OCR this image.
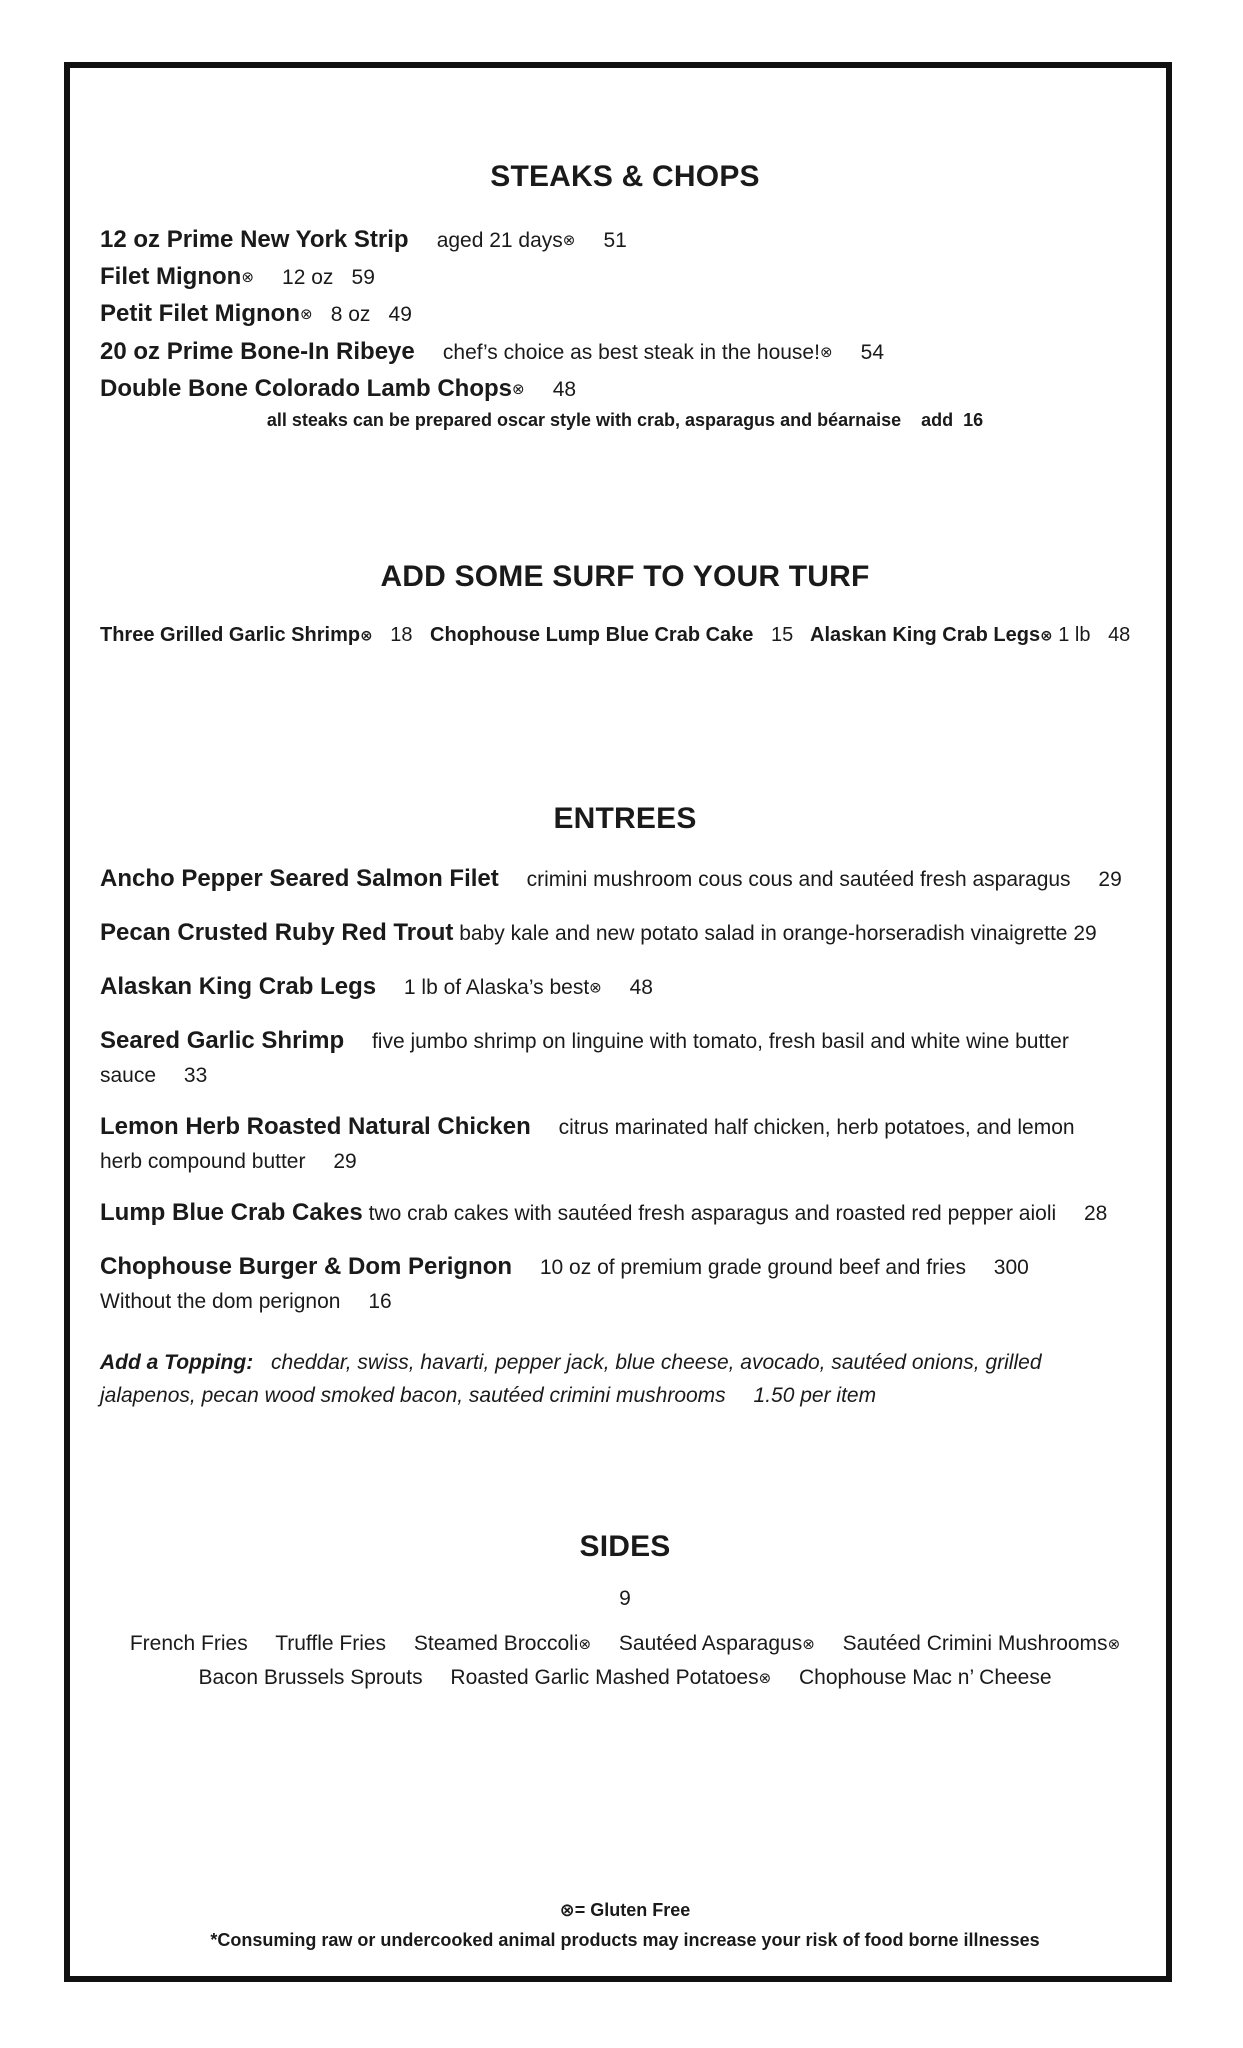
STEAKS & CHOPS
12 oz Prime New York Strip aged 21 days⊗ 51
Filet Mignon⊗ 12 oz 59
Petit Filet Mignon⊗ 8 oz 49
20 oz Prime Bone-In Ribeye chef’s choice as best steak in the house!⊗ 54
Double Bone Colorado Lamb Chops⊗ 48
all steaks can be prepared oscar style with crab, asparagus and béarnaise    add  16
ADD SOME SURF TO YOUR TURF
Three Grilled Garlic Shrimp⊗ 18 Chophouse Lump Blue Crab Cake 15 Alaskan King Crab Legs⊗ 1 lb 48
ENTREES
Ancho Pepper Seared Salmon Filet crimini mushroom cous cous and sautéed fresh asparagus 29
Pecan Crusted Ruby Red Trout baby kale and new potato salad in orange-horseradish vinaigrette 29
Alaskan King Crab Legs 1 lb of Alaska’s best⊗ 48
Seared Garlic Shrimp five jumbo shrimp on linguine with tomato, fresh basil and white wine butter
sauce 33
Lemon Herb Roasted Natural Chicken citrus marinated half chicken, herb potatoes, and lemon
herb compound butter 29
Lump Blue Crab Cakes two crab cakes with sautéed fresh asparagus and roasted red pepper aioli 28
Chophouse Burger & Dom Perignon 10 oz of premium grade ground beef and fries 300
Without the dom perignon 16
Add a Topping: cheddar, swiss, havarti, pepper jack, blue cheese, avocado, sautéed onions, grilled
jalapenos, pecan wood smoked bacon, sautéed crimini mushrooms 1.50 per item
SIDES
9
French Fries Truffle Fries Steamed Broccoli⊗ Sautéed Asparagus⊗ Sautéed Crimini Mushrooms⊗
Bacon Brussels Sprouts Roasted Garlic Mashed Potatoes⊗ Chophouse Mac n’ Cheese
⊗= Gluten Free
*Consuming raw or undercooked animal products may increase your risk of food borne illnesses
